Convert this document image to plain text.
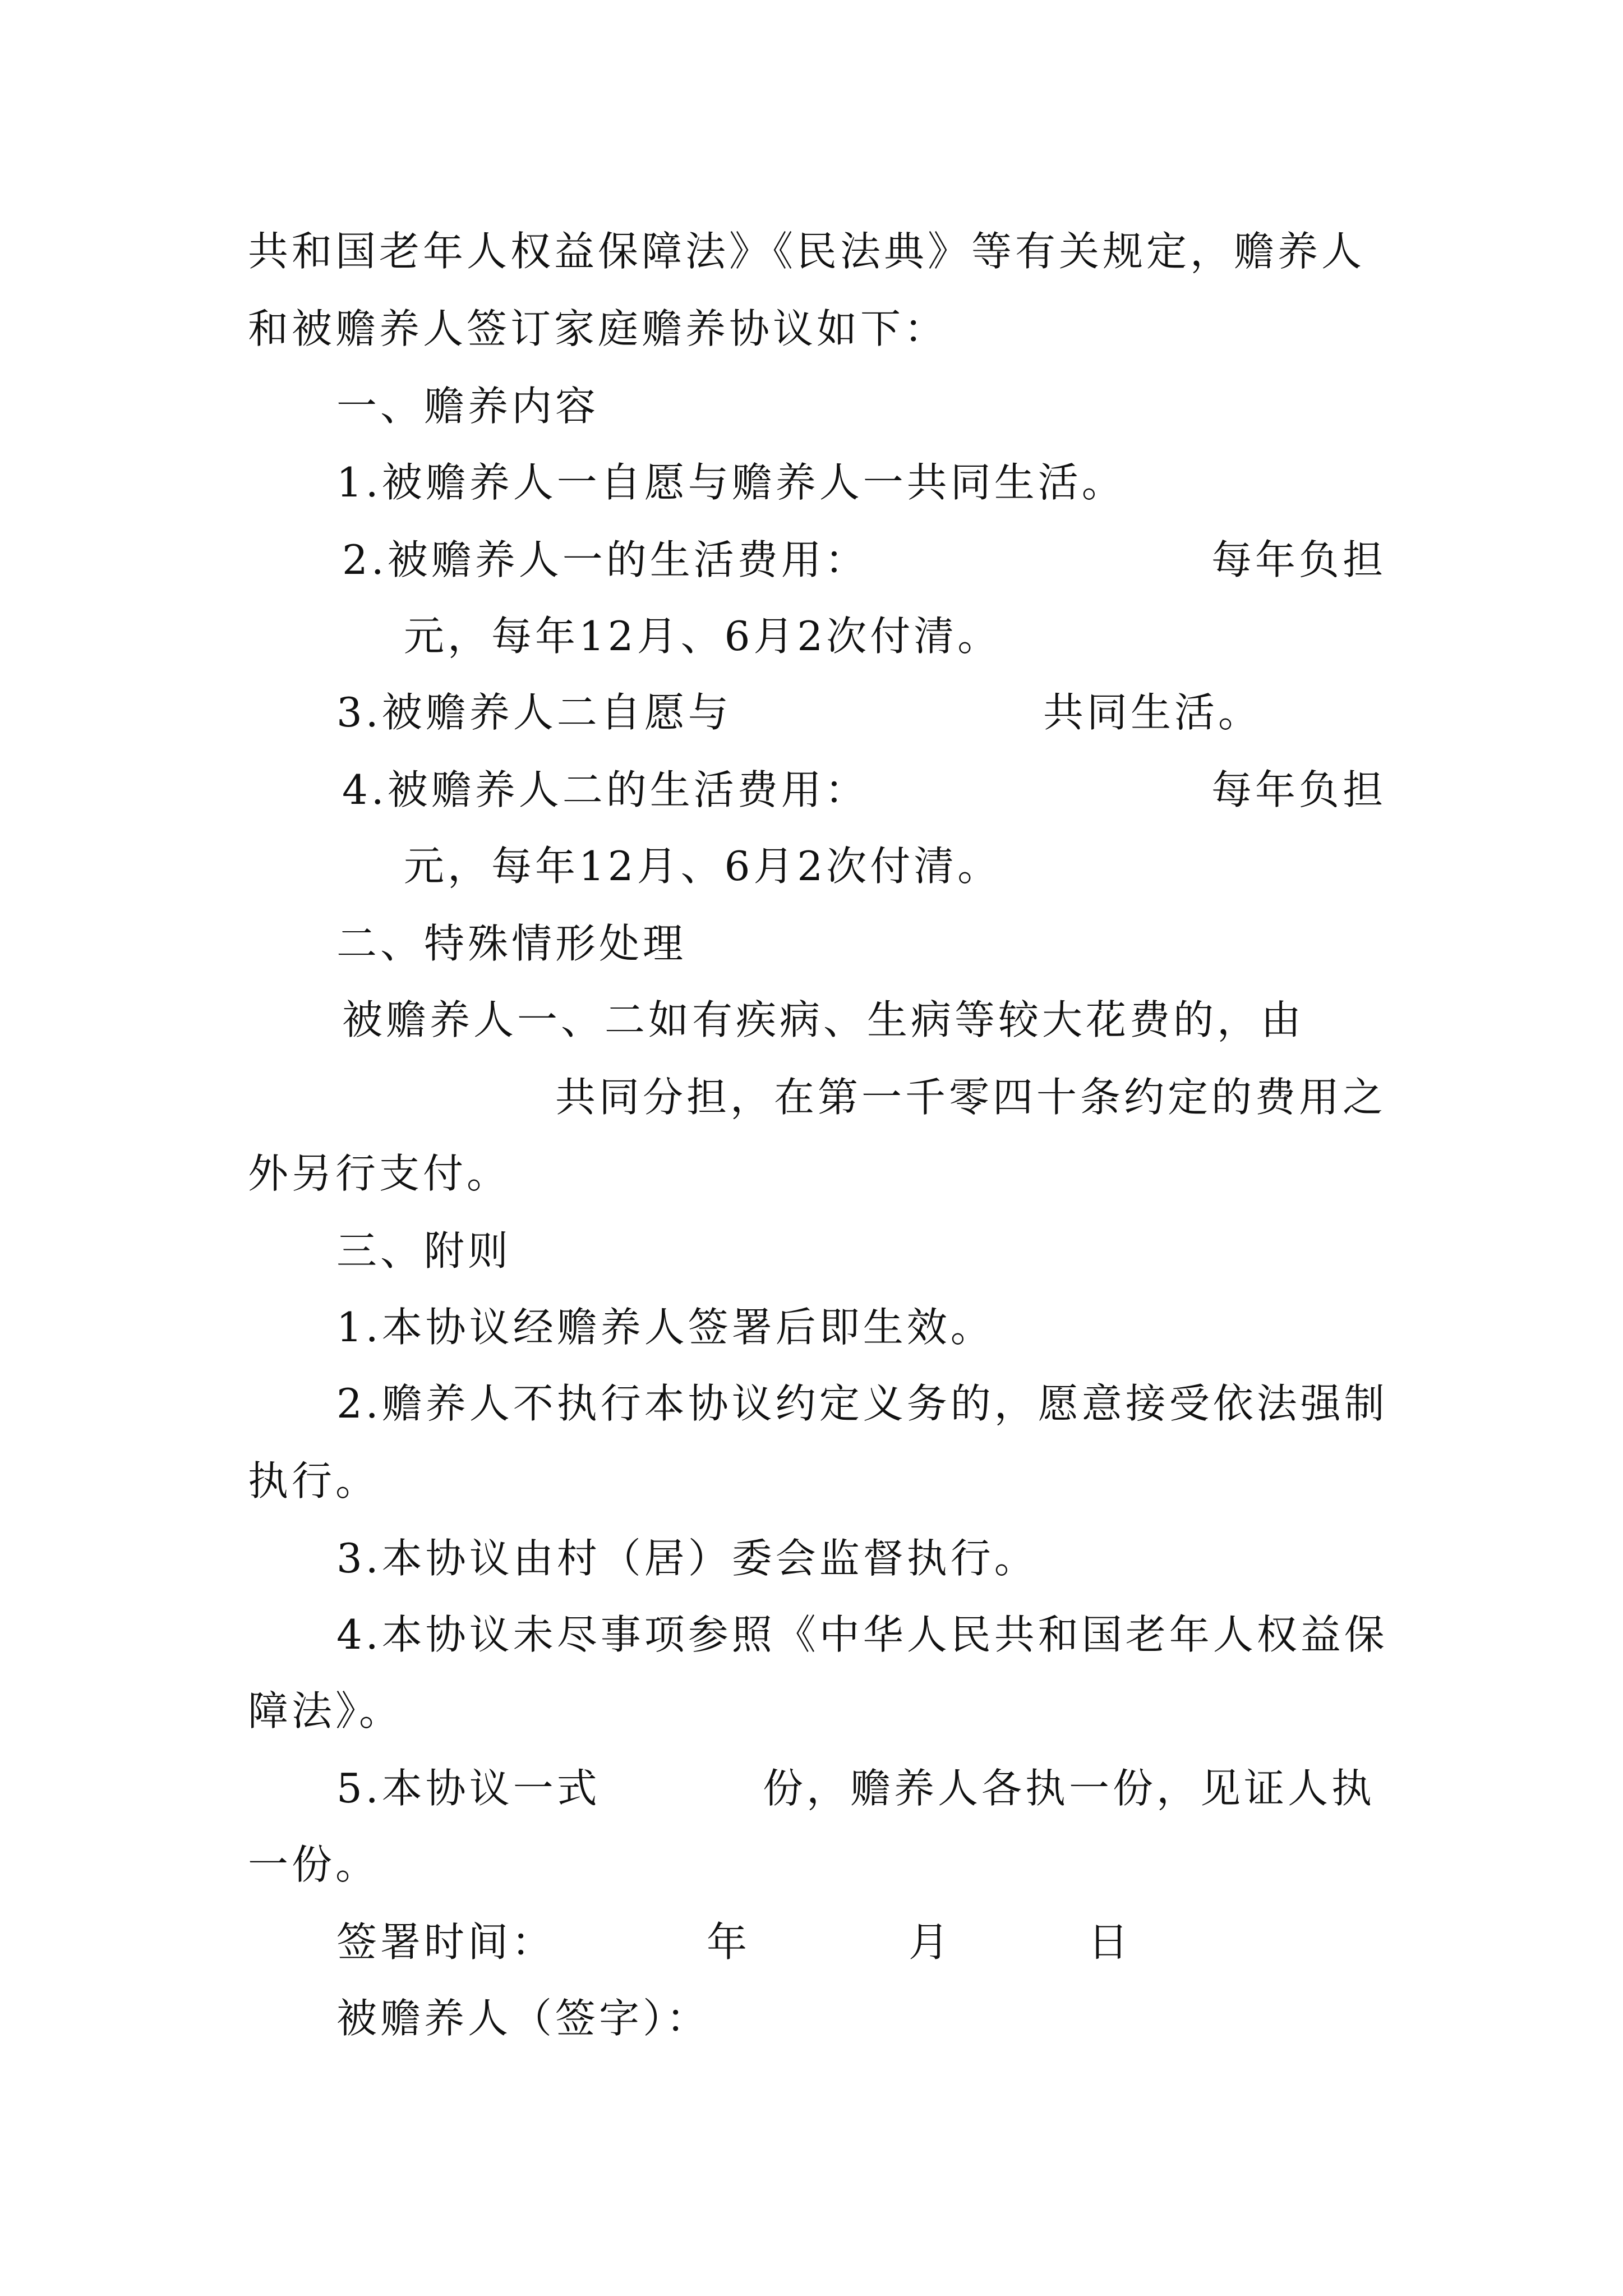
共和国老年人权益保障法》《民法典》等有关规定，赡养人
和被赡养人签订家庭赡养协议如下：
一、赡养内容
1.被赡养人一自愿与赡养人一共同生活。
2.被赡养人一的生活费用：	每年负担
元，每年12月、6月2次付清。
3.被赡养人二自愿与	共同生活。
4.被赡养人二的生活费用：	每年负担
元，每年12月、6月2次付清。
二、特殊情形处理
被赡养人一、二如有疾病、生病等较大花费的，由
共同分担，在第一千零四十条约定的费用之
外另行支付。
三、附则
1.本协议经赡养人签署后即生效。
2.赡养人不执行本协议约定义务的，愿意接受依法强制
执行。
3.本协议由村（居）委会监督执行。
4.本协议未尽事项参照《中华人民共和国老年人权益保
障法》。
5.本协议一式	份，赡养人各执一份，见证人执
一份。
签署时间：	年	月	日
被赡养人（签字）：
